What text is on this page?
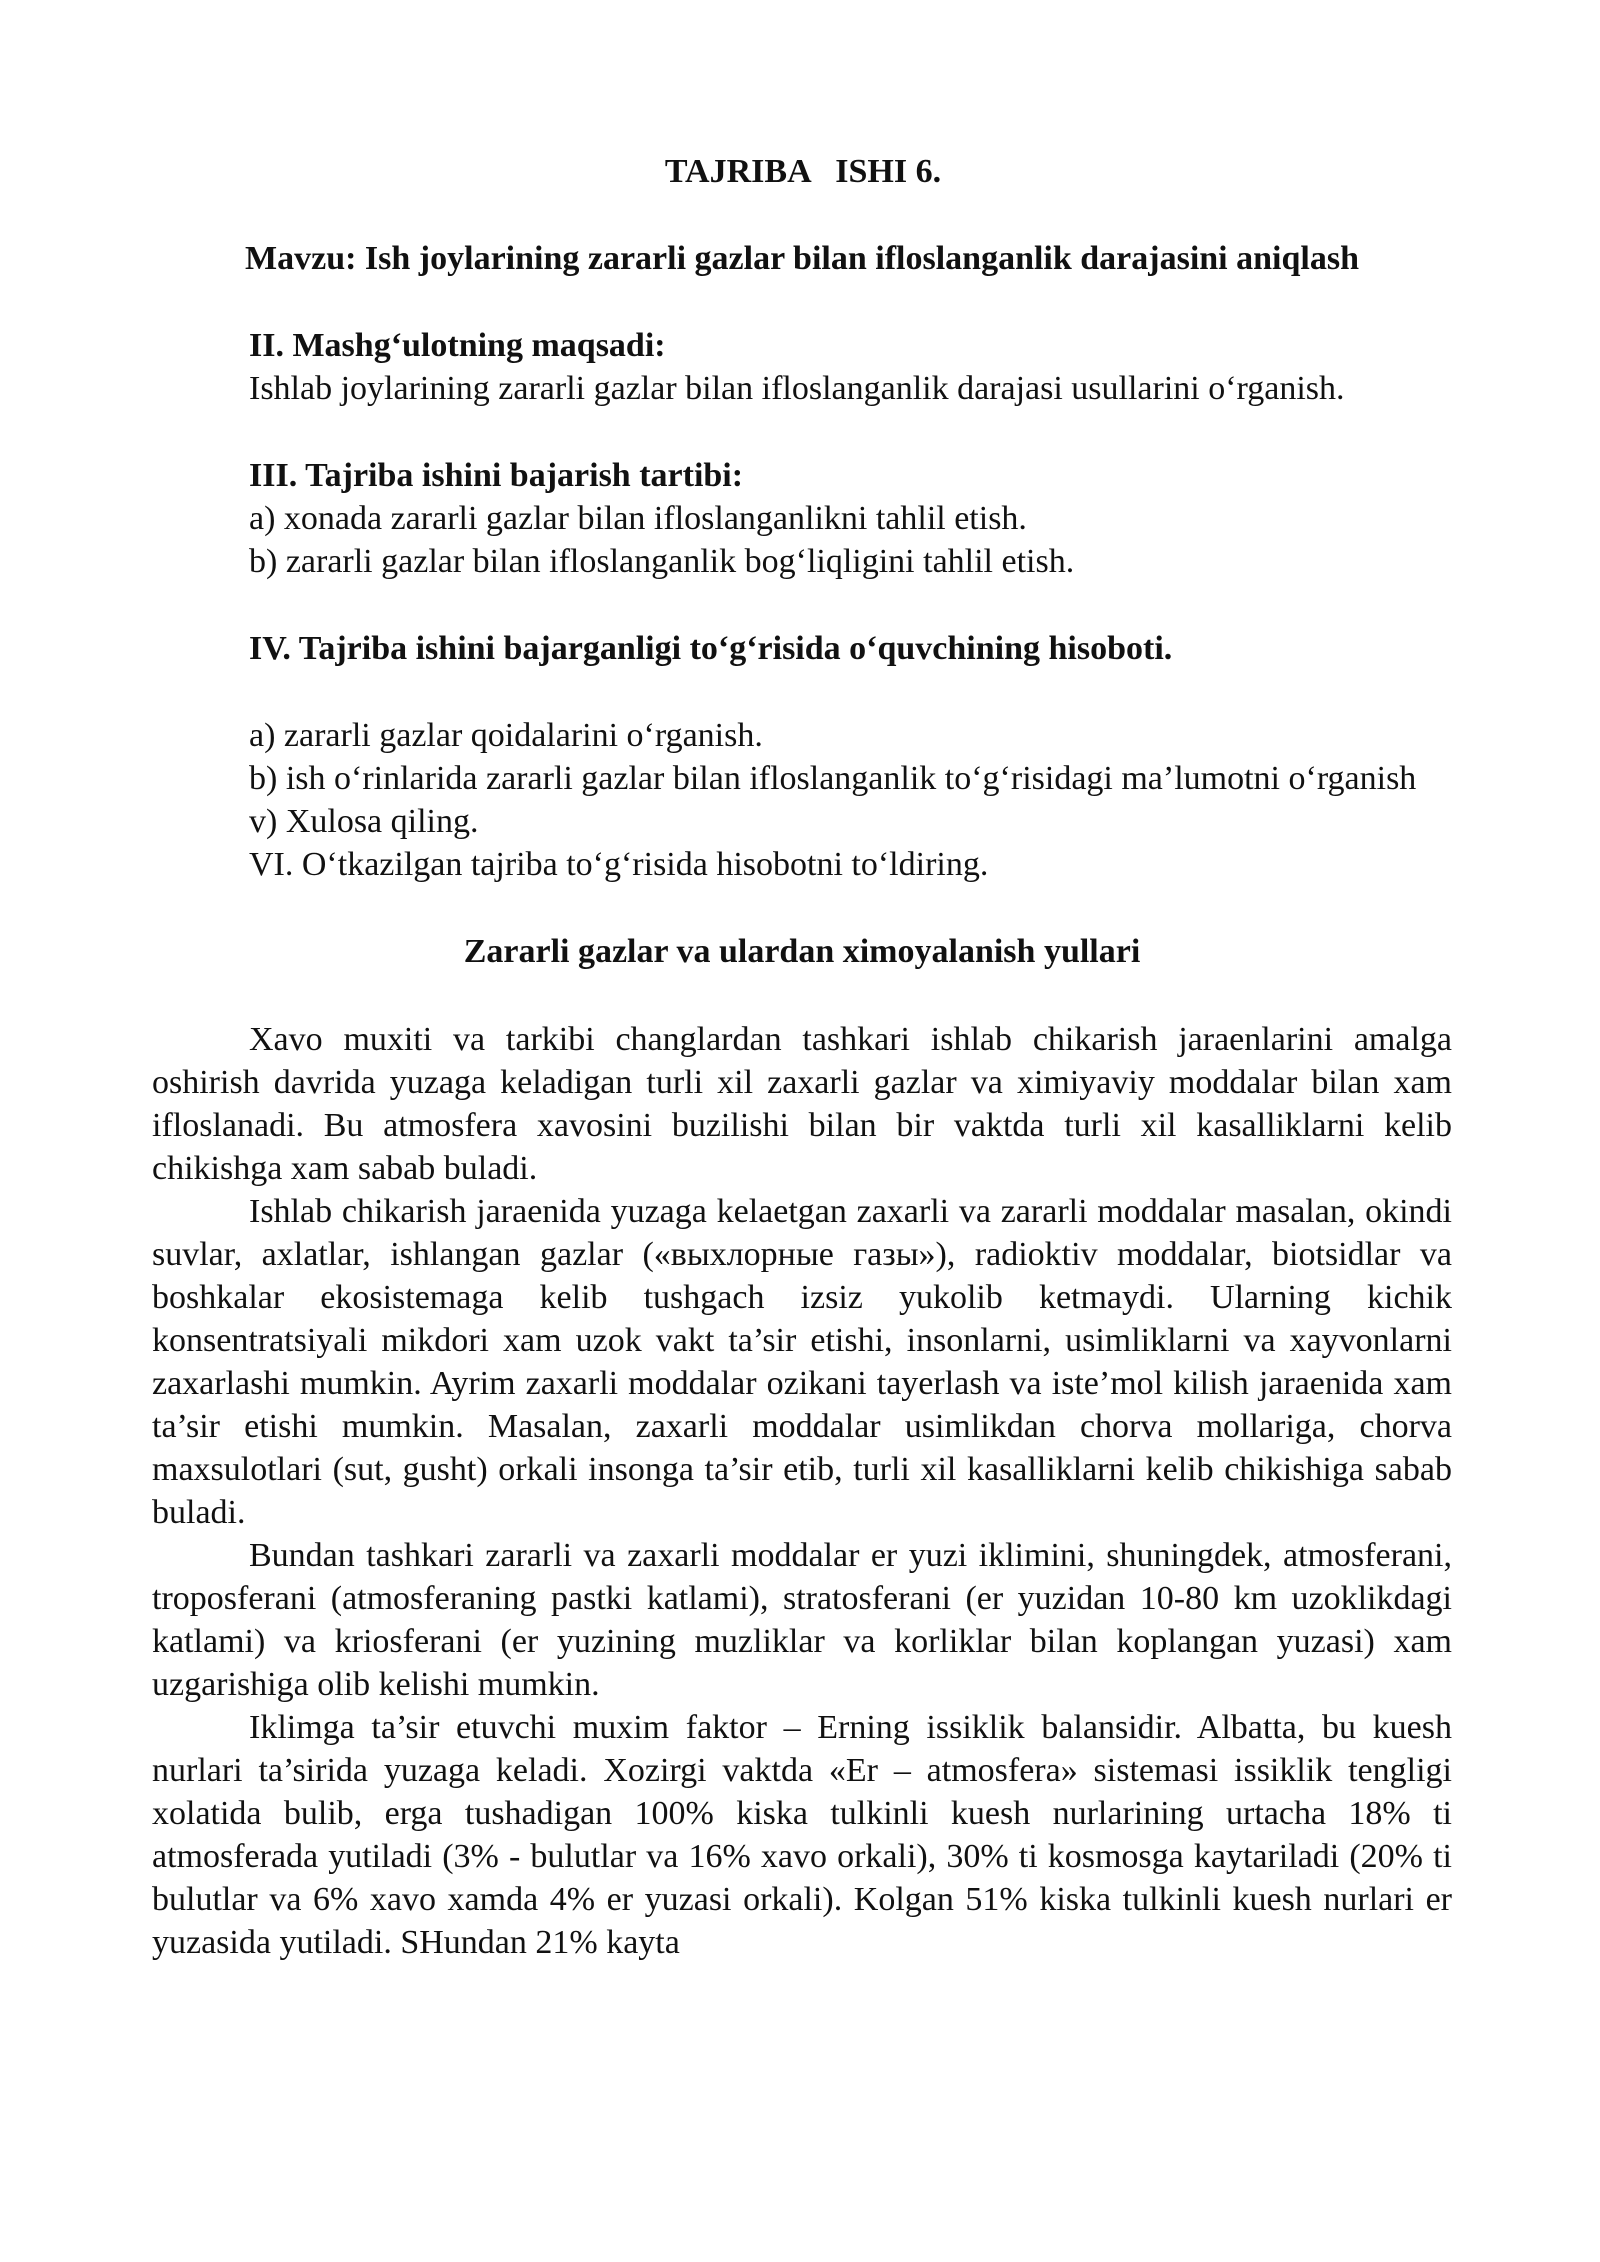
TAJRIBA   ISHI 6.
Mavzu: Ish joylarining zararli gazlar bilan ifloslanganlik darajasini aniqlash
II. Mashg‘ulotning maqsadi:

Ishlab joylarining zararli gazlar bilan ifloslanganlik darajasi usullarini o‘rganish.

III. Tajriba ishini bajarish tartibi:

a) xonada zararli gazlar bilan ifloslanganlikni tahlil etish.

b) zararli gazlar bilan ifloslanganlik bog‘liqligini tahlil etish.

IV. Tajriba ishini bajarganligi to‘g‘risida o‘quvchining hisoboti.

a) zararli gazlar qoidalarini o‘rganish.

b) ish o‘rinlarida zararli gazlar bilan ifloslanganlik to‘g‘risidagi ma’lumotni o‘rganish

v) Xulosa qiling.

VI. O‘tkazilgan tajriba to‘g‘risida hisobotni to‘ldiring.

Zararli gazlar va ulardan ximoyalanish yullari

Xavo muxiti va tarkibi changlardan tashkari ishlab chikarish jaraenlarini amalga oshirish davrida yuzaga keladigan turli xil zaxarli gazlar va ximiyaviy moddalar bilan xam ifloslanadi. Bu atmosfera xavosini buzilishi bilan bir vaktda turli xil kasalliklarni kelib chikishga xam sabab buladi.

Ishlab chikarish jaraenida yuzaga kelaetgan zaxarli va zararli moddalar masalan, okindi suvlar, axlatlar, ishlangan gazlar («выхлорные газы»), radioktiv moddalar, biotsidlar va boshkalar ekosistemaga kelib tushgach izsiz yukolib ketmaydi. Ularning kichik konsentratsiyali mikdori xam uzok vakt ta’sir etishi, insonlarni, usimliklarni va xayvonlarni zaxarlashi mumkin. Ayrim zaxarli moddalar ozikani tayerlash va iste’mol kilish jaraenida xam ta’sir etishi mumkin. Masalan, zaxarli moddalar usimlikdan chorva mollariga, chorva maxsulotlari (sut, gusht) orkali insonga ta’sir etib, turli xil kasalliklarni kelib chikishiga sabab buladi.

Bundan tashkari zararli va zaxarli moddalar er yuzi iklimini, shuningdek, atmosferani, troposferani (atmosferaning pastki katlami), stratosferani (er yuzidan 10-80 km uzoklikdagi katlami) va kriosferani (er yuzining muzliklar va korliklar bilan koplangan yuzasi) xam uzgarishiga olib kelishi mumkin.

Iklimga ta’sir etuvchi muxim faktor – Erning issiklik balansidir. Albatta, bu kuesh nurlari ta’sirida yuzaga keladi. Xozirgi vaktda «Er – atmosfera» sistemasi issiklik tengligi xolatida bulib, erga tushadigan 100% kiska tulkinli kuesh nurlarining urtacha 18% ti atmosferada yutiladi (3% - bulutlar va 16% xavo orkali), 30% ti kosmosga kaytariladi (20% ti bulutlar va 6% xavo xamda 4% er yuzasi orkali). Kolgan 51% kiska tulkinli kuesh nurlari er yuzasida yutiladi. SHundan 21% kayta
